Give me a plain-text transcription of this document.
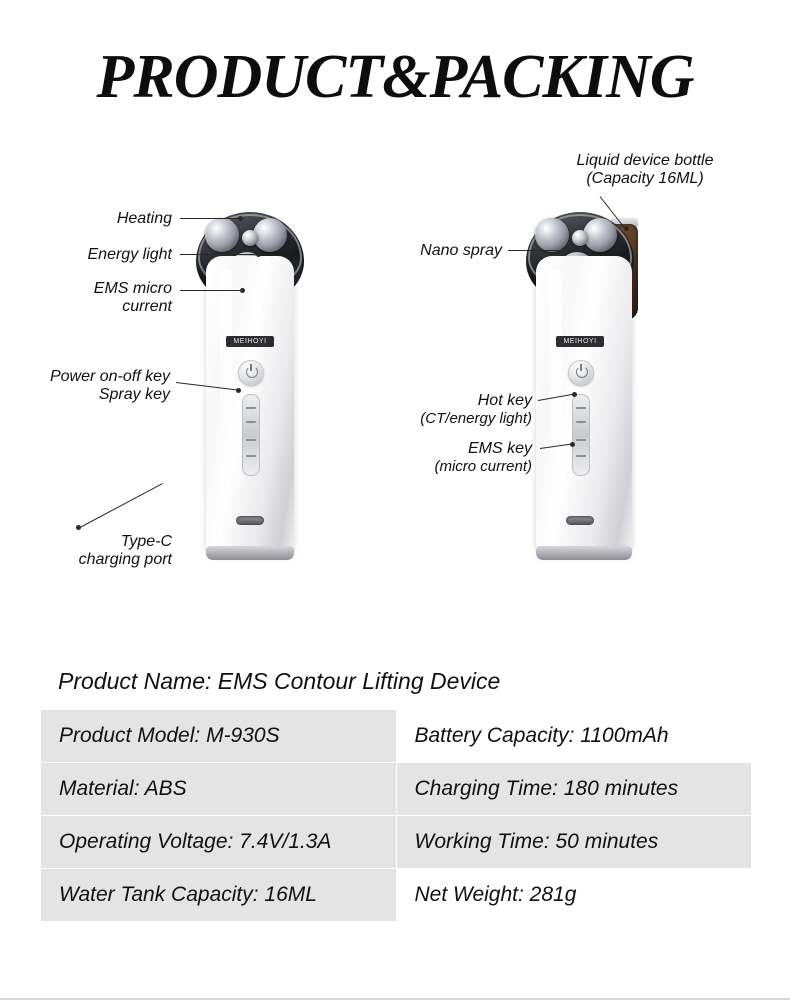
PRODUCT&PACKING
MEIHOYI	MEIHOYI
Heating
Energy light
EMS micro
current
Power on-off key
Spray key
Type-C
charging port
Liquid device bottle
(Capacity 16ML)
Nano spray
Hot key
(CT/energy light)
EMS key
(micro current)
Product Name: EMS Contour Lifting Device
Product Model: M-930S	Battery Capacity: 1100mAh
Material: ABS	Charging Time: 180 minutes
Operating Voltage: 7.4V/1.3A	Working Time: 50 minutes
Water Tank Capacity: 16ML	Net Weight: 281g
